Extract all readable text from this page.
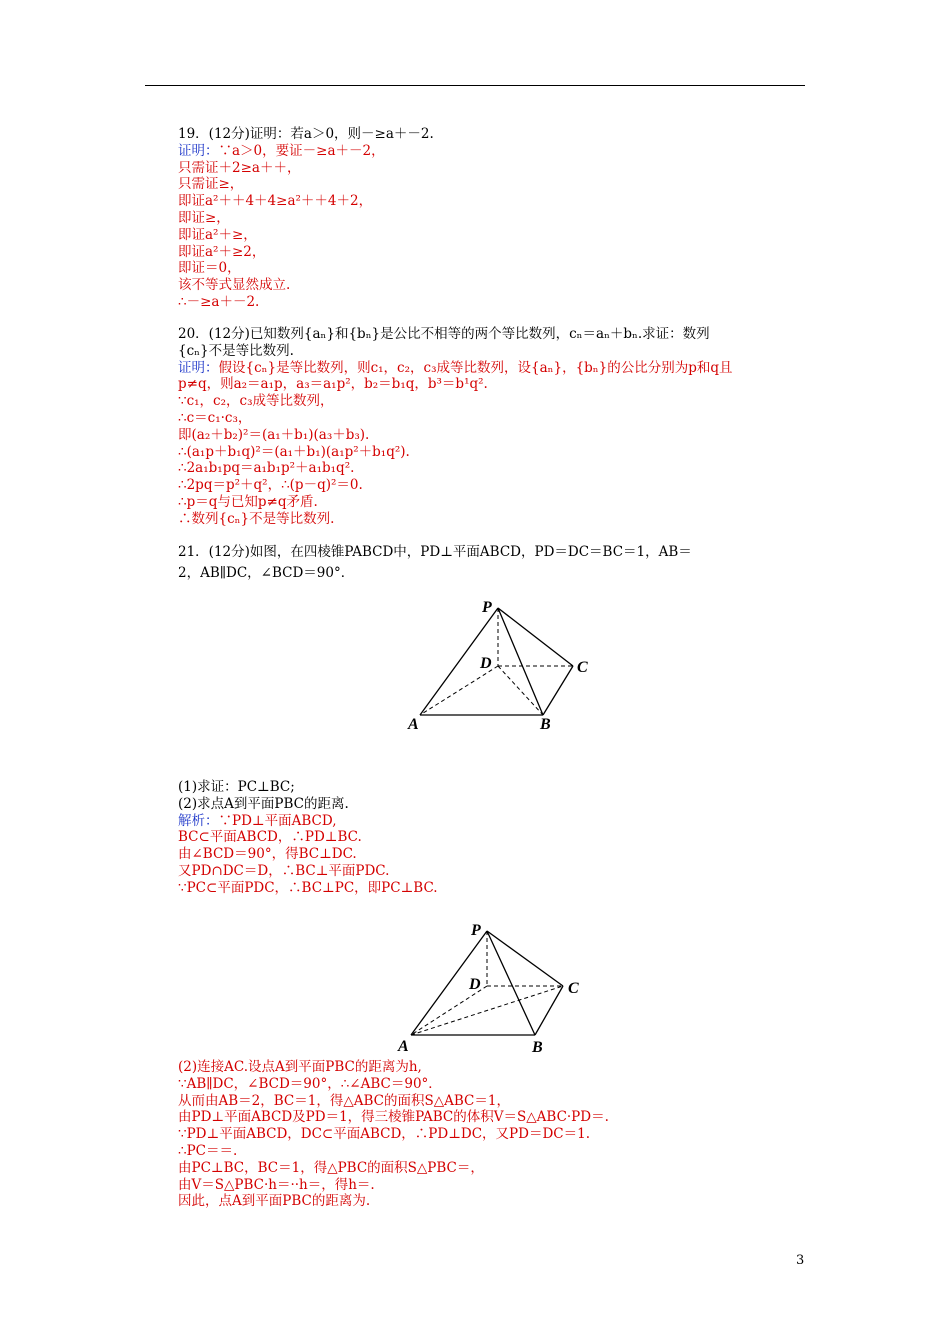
19．(12分)证明：若a＞0，则－≥a＋－2.
证明：∵a＞0，要证－≥a＋－2，
只需证＋2≥a＋＋，
只需证≥，
即证a²＋＋4＋4≥a²＋＋4＋2，
即证≥，
即证a²＋≥，
即证a²＋≥2，
即证＝0，
该不等式显然成立.
∴－≥a＋－2.
20．(12分)已知数列{aₙ}和{bₙ}是公比不相等的两个等比数列，cₙ＝aₙ＋bₙ.求证：数列
{cₙ}不是等比数列.
证明：假设{cₙ}是等比数列，则c₁，c₂，c₃成等比数列，设{aₙ}，{bₙ}的公比分别为p和q且
p≠q，则a₂＝a₁p，a₃＝a₁p²，b₂＝b₁q，b³＝b¹q².
∵c₁，c₂，c₃成等比数列，
∴c＝c₁·c₃，
即(a₂＋b₂)²＝(a₁＋b₁)(a₃＋b₃).
∴(a₁p＋b₁q)²＝(a₁＋b₁)(a₁p²＋b₁q²).
∴2a₁b₁pq＝a₁b₁p²＋a₁b₁q².
∴2pq＝p²＋q²，∴(p－q)²＝0.
∴p＝q与已知p≠q矛盾.
∴数列{cₙ}不是等比数列.
21．(12分)如图，在四棱锥PABCD中，PD⊥平面ABCD，PD＝DC＝BC＝1，AB＝
2，AB∥DC，∠BCD＝90°．
P
D	C
A	B
(1)求证：PC⊥BC;
(2)求点A到平面PBC的距离.
解析：∵PD⊥平面ABCD,
BC⊂平面ABCD，∴PD⊥BC.
由∠BCD＝90°，得BC⊥DC.
又PD∩DC＝D，∴BC⊥平面PDC.
∵PC⊂平面PDC，∴BC⊥PC，即PC⊥BC.
P
D	C
A	B
(2)连接AC.设点A到平面PBC的距离为h,
∵AB∥DC，∠BCD＝90°，∴∠ABC＝90°．
从而由AB＝2，BC＝1，得△ABC的面积S△ABC＝1，
由PD⊥平面ABCD及PD＝1，得三棱锥PABC的体积V＝S△ABC·PD＝.
∵PD⊥平面ABCD，DC⊂平面ABCD，∴PD⊥DC，又PD＝DC＝1.
∴PC＝＝.
由PC⊥BC，BC＝1，得△PBC的面积S△PBC＝，
由V＝S△PBC·h＝··h＝，得h＝.
因此，点A到平面PBC的距离为.
3
